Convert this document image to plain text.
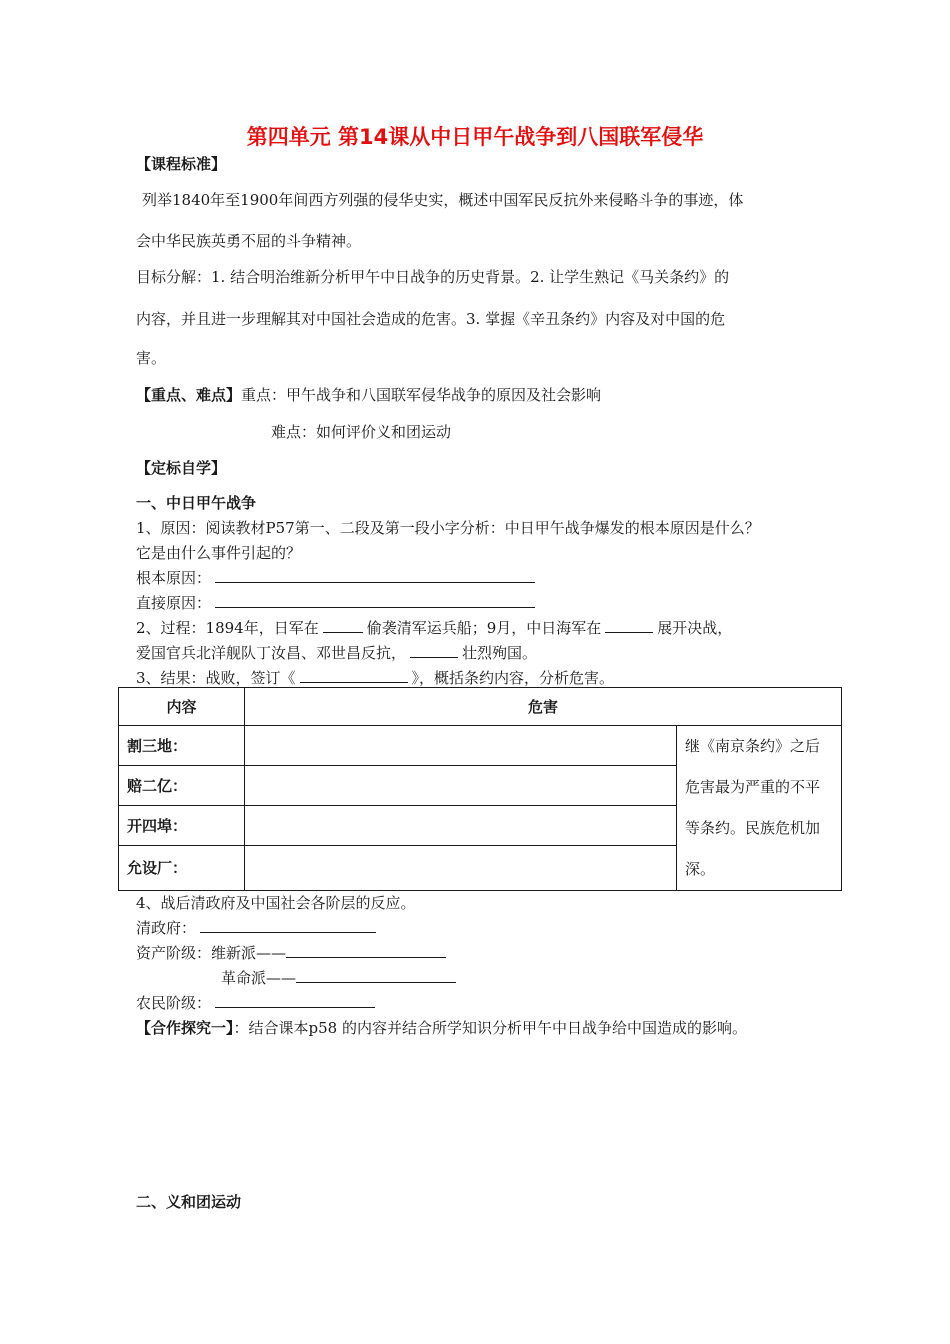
第四单元 第14课从中日甲午战争到八国联军侵华
【课程标准】
列举1840年至1900年间西方列强的侵华史实，概述中国军民反抗外来侵略斗争的事迹，体
会中华民族英勇不屈的斗争精神。
目标分解：1. 结合明治维新分析甲午中日战争的历史背景。2. 让学生熟记《马关条约》的
内容，并且进一步理解其对中国社会造成的危害。3. 掌握《辛丑条约》内容及对中国的危
害。
【重点、难点】重点：甲午战争和八国联军侵华战争的原因及社会影响
难点：如何评价义和团运动
【定标自学】
一、中日甲午战争
1、原因：阅读教材P57第一、二段及第一段小字分析：中日甲午战争爆发的根本原因是什么？
它是由什么事件引起的？
根本原因：
直接原因：
2、过程：1894年，日军在	偷袭清军运兵船；9月，中日海军在	展开决战，
爱国官兵北洋舰队丁汝昌、邓世昌反抗，	壮烈殉国。
3、结果：战败，签订《	》，概括条约内容，分析危害。
内容	危害	
割三地：		继《南京条约》之后危害最为严重的不平等条约。民族危机加深。
赔二亿：		
开四埠：		
允设厂：		
4、战后清政府及中国社会各阶层的反应。
清政府：
资产阶级：维新派——
革命派——
农民阶级：
【合作探究一】：结合课本p58 的内容并结合所学知识分析甲午中日战争给中国造成的影响。
二、义和团运动
